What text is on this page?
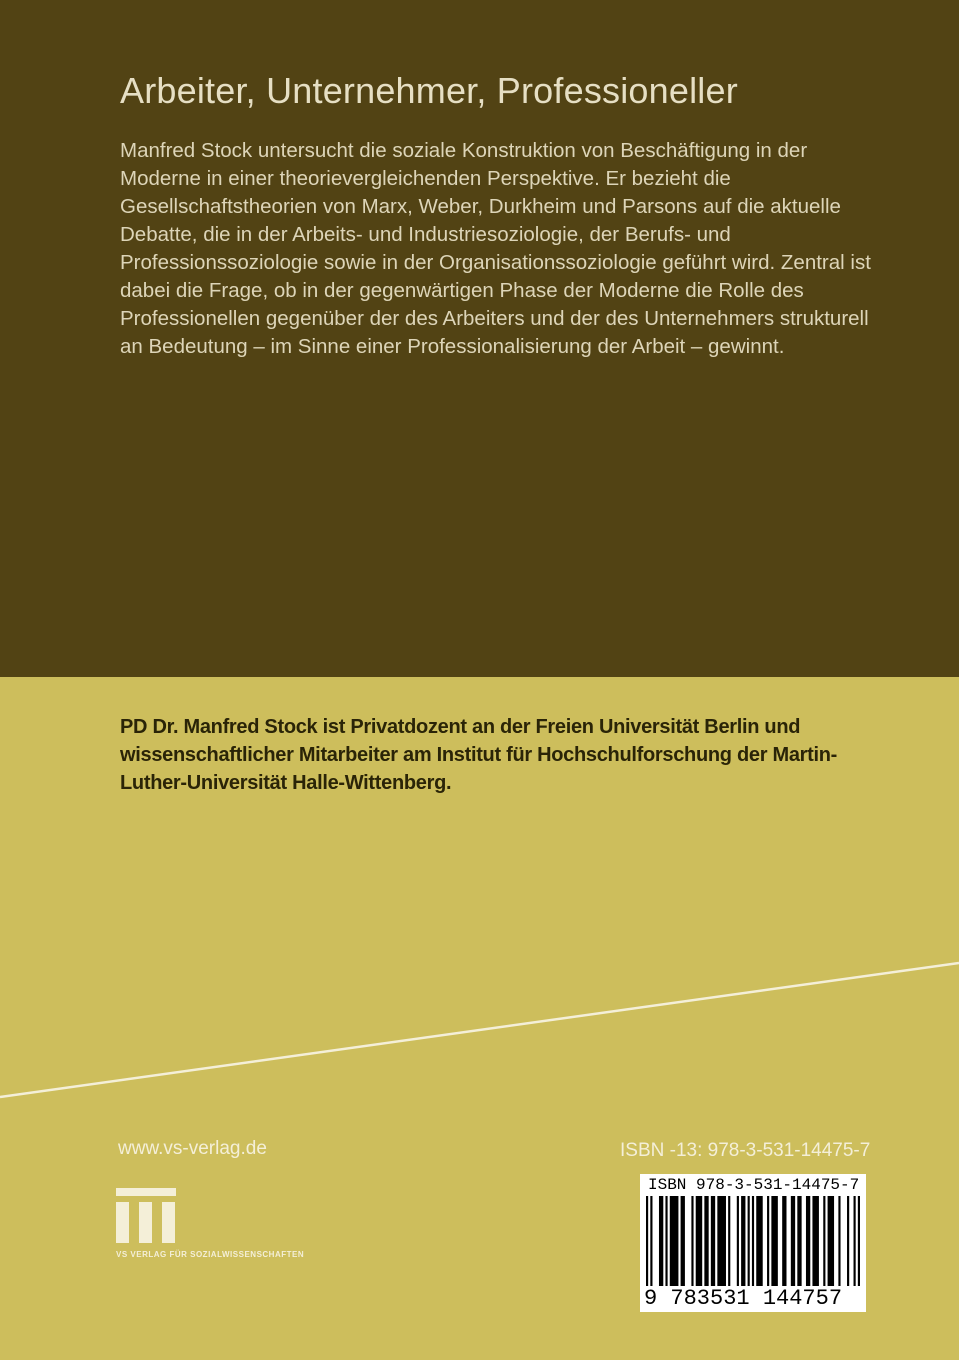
Arbeiter, Unternehmer, Professioneller

Manfred Stock untersucht die soziale Konstruktion von Beschäftigung in der Moderne in einer theorievergleichenden Perspektive. Er bezieht die Gesellschaftstheorien von Marx, Weber, Durkheim und Parsons auf die aktuelle Debatte, die in der Arbeits- und Industriesoziologie, der Berufs- und Professionssoziologie sowie in der Organisationssoziologie geführt wird. Zentral ist dabei die Frage, ob in der gegenwärtigen Phase der Moderne die Rolle des Professionellen gegenüber der des Arbeiters und der des Unternehmers strukturell an Bedeutung – im Sinne einer Professionalisierung der Arbeit – gewinnt.

PD Dr. Manfred Stock ist Privatdozent an der Freien Universität Berlin und wissenschaftlicher Mitarbeiter am Institut für Hochschulforschung der Martin-Luther-Universität Halle-Wittenberg.

www.vs-verlag.de	ISBN -13: 978-3-531-14475-7

VS VERLAG FÜR SOZIALWISSENSCHAFTEN
ISBN 978-3-531-14475-7
9 783531 144757
